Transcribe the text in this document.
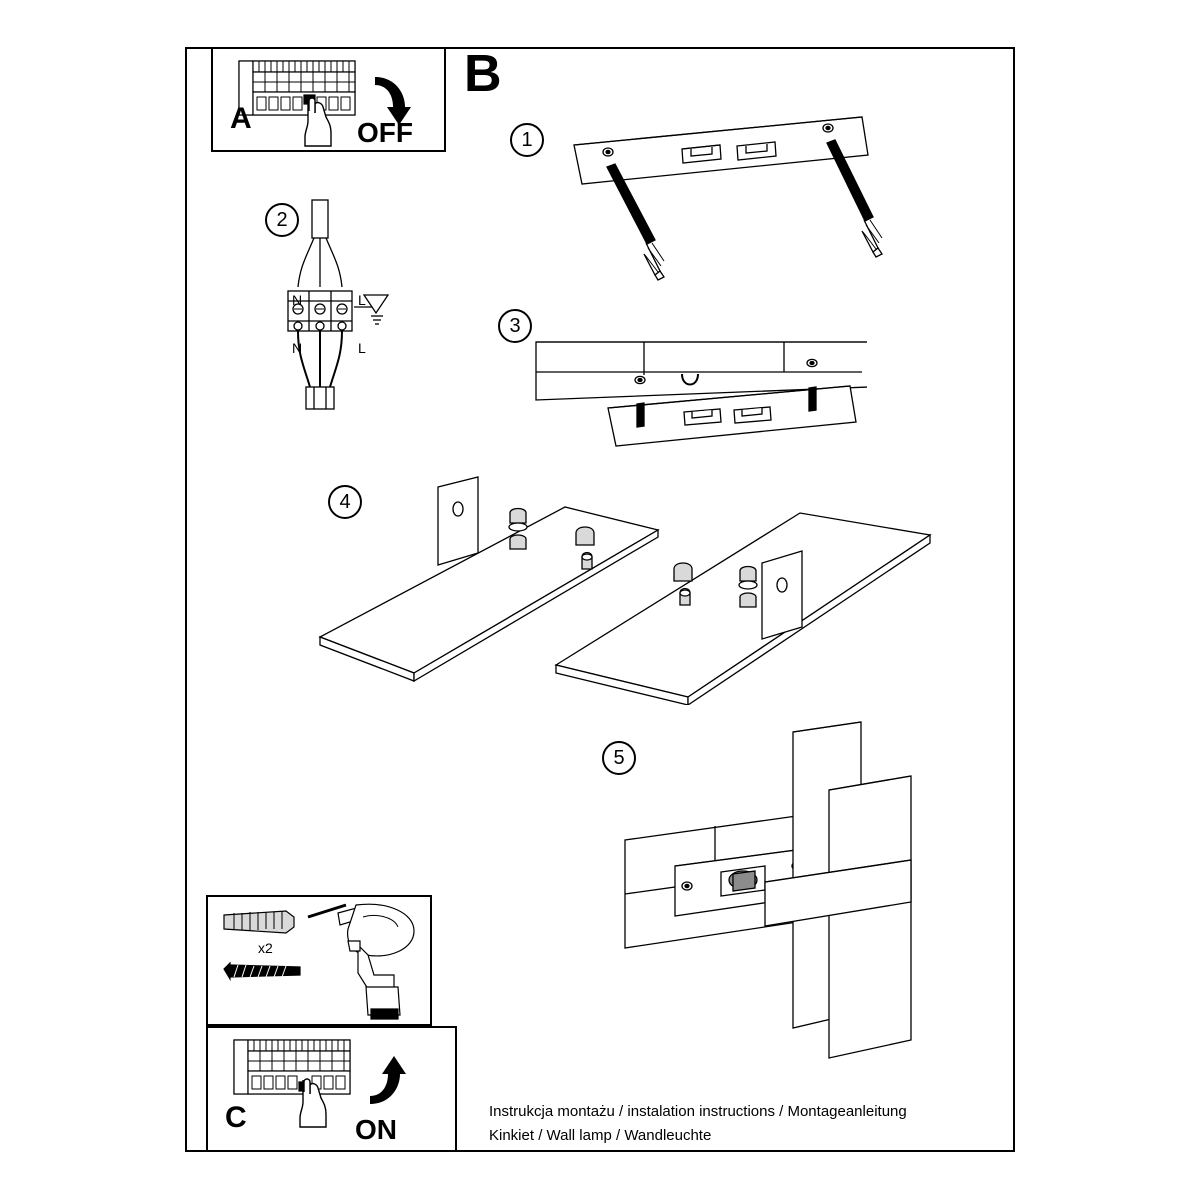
A	OFF
B
1
2
N	L
N	L
3
4
5
x2
C	ON
Instrukcja montażu / instalation instructions / Montageanleitung
Kinkiet / Wall lamp / Wandleuchte
